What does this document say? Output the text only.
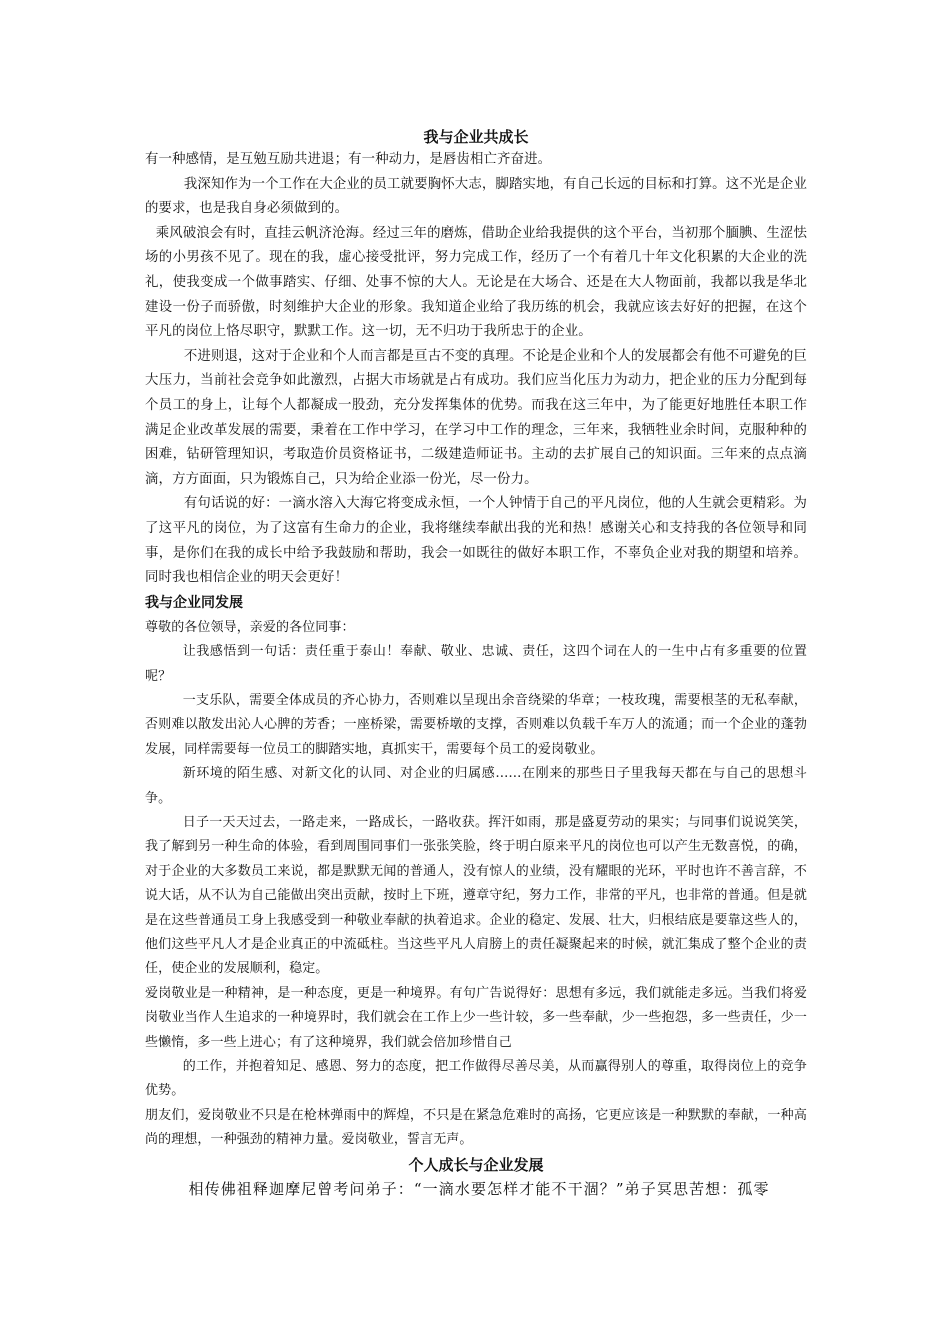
我与企业共成长

有一种感情，是互勉互励共进退；有一种动力，是唇齿相亡齐奋进。

我深知作为一个工作在大企业的员工就要胸怀大志，脚踏实地，有自己长远的目标和打算。这不光是企业的要求，也是我自身必须做到的。

乘风破浪会有时，直挂云帆济沧海。经过三年的磨炼，借助企业给我提供的这个平台，当初那个腼腆、生涩怯场的小男孩不见了。现在的我，虚心接受批评，努力完成工作，经历了一个有着几十年文化积累的大企业的洗礼，使我变成一个做事踏实、仔细、处事不惊的大人。无论是在大场合、还是在大人物面前，我都以我是华北建设一份子而骄傲，时刻维护大企业的形象。我知道企业给了我历练的机会，我就应该去好好的把握，在这个平凡的岗位上恪尽职守，默默工作。这一切，无不归功于我所忠于的企业。

不进则退，这对于企业和个人而言都是亘古不变的真理。不论是企业和个人的发展都会有他不可避免的巨大压力，当前社会竞争如此激烈，占据大市场就是占有成功。我们应当化压力为动力，把企业的压力分配到每个员工的身上，让每个人都凝成一股劲，充分发挥集体的优势。而我在这三年中，为了能更好地胜任本职工作满足企业改革发展的需要，秉着在工作中学习，在学习中工作的理念，三年来，我牺牲业余时间，克服种种的困难，钻研管理知识，考取造价员资格证书，二级建造师证书。主动的去扩展自己的知识面。三年来的点点滴滴，方方面面，只为锻炼自己，只为给企业添一份光，尽一份力。

有句话说的好：一滴水溶入大海它将变成永恒，一个人钟情于自己的平凡岗位，他的人生就会更精彩。为了这平凡的岗位，为了这富有生命力的企业，我将继续奉献出我的光和热！感谢关心和支持我的各位领导和同事，是你们在我的成长中给予我鼓励和帮助，我会一如既往的做好本职工作，不辜负企业对我的期望和培养。同时我也相信企业的明天会更好！

我与企业同发展

尊敬的各位领导，亲爱的各位同事：

让我感悟到一句话：责任重于泰山！奉献、敬业、忠诚、责任，这四个词在人的一生中占有多重要的位置呢？

一支乐队，需要全体成员的齐心协力，否则难以呈现出余音绕梁的华章；一枝玫瑰，需要根茎的无私奉献，否则难以散发出沁人心脾的芳香；一座桥梁，需要桥墩的支撑，否则难以负载千车万人的流通；而一个企业的蓬勃发展，同样需要每一位员工的脚踏实地，真抓实干，需要每个员工的爱岗敬业。

新环境的陌生感、对新文化的认同、对企业的归属感……在刚来的那些日子里我每天都在与自己的思想斗争。

日子一天天过去，一路走来，一路成长，一路收获。挥汗如雨，那是盛夏劳动的果实；与同事们说说笑笑，我了解到另一种生命的体验，看到周围同事们一张张笑脸，终于明白原来平凡的岗位也可以产生无数喜悦，的确，对于企业的大多数员工来说，都是默默无闻的普通人，没有惊人的业绩，没有耀眼的光环，平时也许不善言辞，不说大话，从不认为自己能做出突出贡献，按时上下班，遵章守纪，努力工作，非常的平凡，也非常的普通。但是就是在这些普通员工身上我感受到一种敬业奉献的执着追求。企业的稳定、发展、壮大，归根结底是要靠这些人的，他们这些平凡人才是企业真正的中流砥柱。当这些平凡人肩膀上的责任凝聚起来的时候，就汇集成了整个企业的责任，使企业的发展顺利，稳定。

爱岗敬业是一种精神，是一种态度，更是一种境界。有句广告说得好：思想有多远，我们就能走多远。当我们将爱岗敬业当作人生追求的一种境界时，我们就会在工作上少一些计较，多一些奉献，少一些抱怨，多一些责任，少一些懒惰，多一些上进心；有了这种境界，我们就会倍加珍惜自己

的工作，并抱着知足、感恩、努力的态度，把工作做得尽善尽美，从而赢得别人的尊重，取得岗位上的竞争优势。

朋友们，爱岗敬业不只是在枪林弹雨中的辉煌，不只是在紧急危难时的高扬，它更应该是一种默默的奉献，一种高尚的理想，一种强劲的精神力量。爱岗敬业，誓言无声。

个人成长与企业发展

相传佛祖释迦摩尼曾考问弟子：“一滴水要怎样才能不干涸？”弟子冥思苦想：孤零
